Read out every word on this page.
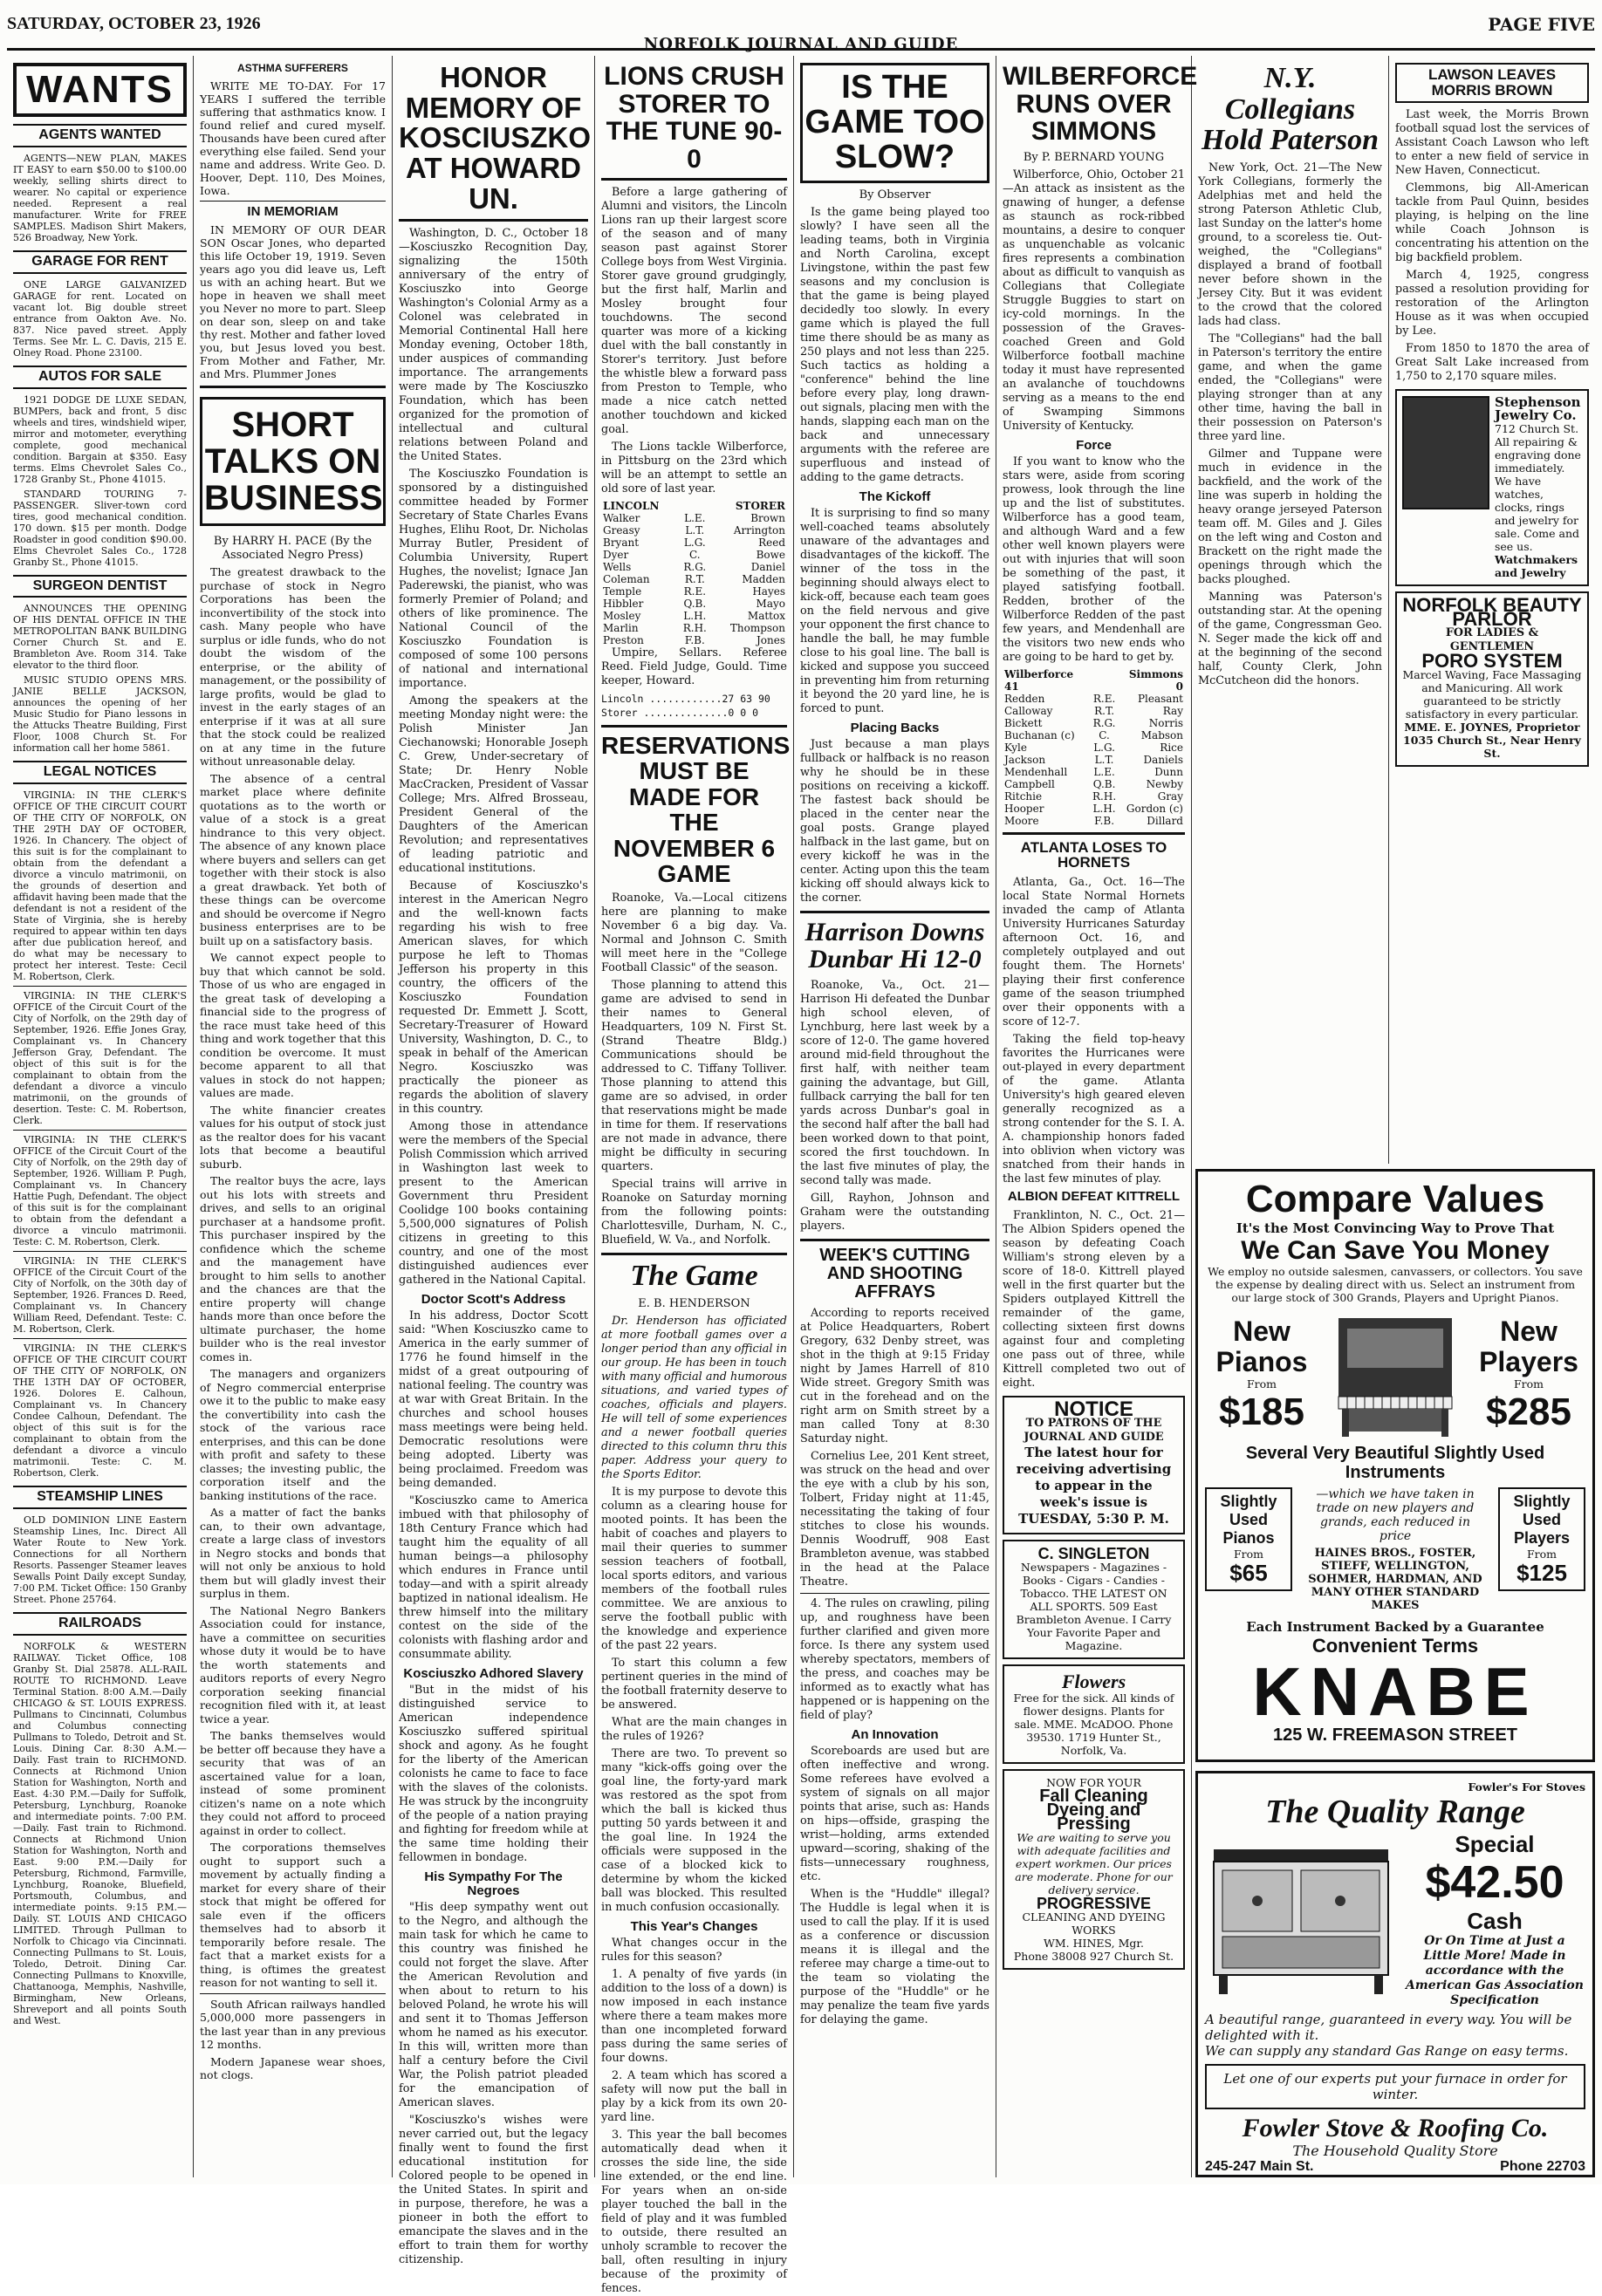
SATURDAY, OCTOBER 23, 1926
NORFOLK JOURNAL AND GUIDE
PAGE FIVE
WANTS
AGENTS WANTED

AGENTS—NEW PLAN, MAKES IT EASY to earn $50.00 to $100.00 weekly, selling shirts direct to wearer. No capital or experience needed. Represent a real manufacturer. Write for FREE SAMPLES. Madison Shirt Makers, 526 Broadway, New York.

GARAGE FOR RENT

ONE LARGE GALVANIZED GARAGE for rent. Located on vacant lot. Big double street entrance from Oakton Ave. No. 837. Nice paved street. Apply Terms. See Mr. L. C. Davis, 215 E. Olney Road. Phone 23100.

AUTOS FOR SALE

1921 DODGE DE LUXE SEDAN, BUMPers, back and front, 5 disc wheels and tires, windshield wiper, mirror and motometer, everything complete, good mechanical condition. Bargain at $350. Easy terms. Elms Chevrolet Sales Co., 1728 Granby St., Phone 41015.

STANDARD TOURING 7-PASSENGER. Sliver-town cord tires, good mechanical condition. 170 down. $15 per month. Dodge Roadster in good condition $90.00. Elms Chevrolet Sales Co., 1728 Granby St., Phone 41015.

SURGEON DENTIST

ANNOUNCES THE OPENING OF HIS DENTAL OFFICE IN THE METROPOLITAN BANK BUILDING Corner Church St. and E. Brambleton Ave. Room 314. Take elevator to the third floor.

MUSIC STUDIO OPENS MRS. JANIE BELLE JACKSON, announces the opening of her Music Studio for Piano lessons in the Attucks Theatre Building, First Floor, 1008 Church St. For information call her home 5861.

LEGAL NOTICES

VIRGINIA: IN THE CLERK'S OFFICE OF THE CIRCUIT COURT OF THE CITY OF NORFOLK, ON THE 29TH DAY OF OCTOBER, 1926. In Chancery. The object of this suit is for the complainant to obtain from the defendant a divorce a vinculo matrimonii, on the grounds of desertion and affidavit having been made that the defendant is not a resident of the State of Virginia, she is hereby required to appear within ten days after due publication hereof, and do what may be necessary to protect her interest. Teste: Cecil M. Robertson, Clerk.

VIRGINIA: IN THE CLERK'S OFFICE of the Circuit Court of the City of Norfolk, on the 29th day of September, 1926. Effie Jones Gray, Complainant vs. In Chancery Jefferson Gray, Defendant. The object of this suit is for the complainant to obtain from the defendant a divorce a vinculo matrimonii, on the grounds of desertion. Teste: C. M. Robertson, Clerk.

VIRGINIA: IN THE CLERK'S OFFICE of the Circuit Court of the City of Norfolk, on the 29th day of September, 1926. William P. Pugh, Complainant vs. In Chancery Hattie Pugh, Defendant. The object of this suit is for the complainant to obtain from the defendant a divorce a vinculo matrimonii. Teste: C. M. Robertson, Clerk.

VIRGINIA: IN THE CLERK'S OFFICE of the Circuit Court of the City of Norfolk, on the 30th day of September, 1926. Frances D. Reed, Complainant vs. In Chancery William Reed, Defendant. Teste: C. M. Robertson, Clerk.

VIRGINIA: IN THE CLERK'S OFFICE OF THE CIRCUIT COURT OF THE CITY OF NORFOLK, ON THE 13TH DAY OF OCTOBER, 1926. Dolores E. Calhoun, Complainant vs. In Chancery Condee Calhoun, Defendant. The object of this suit is for the complainant to obtain from the defendant a divorce a vinculo matrimonii. Teste: C. M. Robertson, Clerk.

STEAMSHIP LINES

OLD DOMINION LINE Eastern Steamship Lines, Inc. Direct All Water Route to New York. Connections for all Northern Resorts. Passenger Steamer leaves Sewalls Point Daily except Sunday, 7:00 P.M. Ticket Office: 150 Granby Street. Phone 25764.

RAILROADS

NORFOLK & WESTERN RAILWAY. Ticket Office, 108 Granby St. Dial 25878. ALL-RAIL ROUTE TO RICHMOND. Leave Terminal Station. 8:00 A.M.—Daily CHICAGO & ST. LOUIS EXPRESS. Pullmans to Cincinnati, Columbus and Columbus connecting Pullmans to Toledo, Detroit and St. Louis. Dining Car. 8:30 A.M.—Daily. Fast train to RICHMOND. Connects at Richmond Union Station for Washington, North and East. 4:30 P.M.—Daily for Suffolk, Petersburg, Lynchburg, Roanoke and intermediate points. 7:00 P.M.—Daily. Fast train to Richmond. Connects at Richmond Union Station for Washington, North and East. 9:00 P.M.—Daily for Petersburg, Richmond, Farmville, Lynchburg, Roanoke, Bluefield, Portsmouth, Columbus, and intermediate points. 9:15 P.M.—Daily. ST. LOUIS AND CHICAGO LIMITED. Through Pullman to Norfolk to Chicago via Cincinnati. Connecting Pullmans to St. Louis, Toledo, Detroit. Dining Car. Connecting Pullmans to Knoxville, Chattanooga, Memphis, Nashville, Birmingham, New Orleans, Shreveport and all points South and West.

ASTHMA SUFFERERS

WRITE ME TO-DAY. For 17 YEARS I suffered the terrible suffering that asthmatics know. I found relief and cured myself. Thousands have been cured after everything else failed. Send your name and address. Write Geo. D. Hoover, Dept. 110, Des Moines, Iowa.

IN MEMORIAM

IN MEMORY OF OUR DEAR SON Oscar Jones, who departed this life October 19, 1919. Seven years ago you did leave us, Left us with an aching heart. But we hope in heaven we shall meet you Never no more to part. Sleep on dear son, sleep on and take thy rest. Mother and father loved you, but Jesus loved you best. From Mother and Father, Mr. and Mrs. Plummer Jones

SHORT TALKS ON BUSINESS
By HARRY H. PACE (By the Associated Negro Press)

The greatest drawback to the purchase of stock in Negro Corporations has been the inconvertibility of the stock into cash. Many people who have surplus or idle funds, who do not doubt the wisdom of the enterprise, or the ability of management, or the possibility of large profits, would be glad to invest in the early stages of an enterprise if it was at all sure that the stock could be realized on at any time in the future without unreasonable delay.

The absence of a central market place where definite quotations as to the worth or value of a stock is a great hindrance to this very object. The absence of any known place where buyers and sellers can get together with their stock is also a great drawback. Yet both of these things can be overcome and should be overcome if Negro business enterprises are to be built up on a satisfactory basis.

We cannot expect people to buy that which cannot be sold. Those of us who are engaged in the great task of developing a financial side to the progress of the race must take heed of this thing and work together that this condition be overcome. It must become apparent to all that values in stock do not happen; values are made.

The white financier creates values for his output of stock just as the realtor does for his vacant lots that become a beautiful suburb.

The realtor buys the acre, lays out his lots with streets and drives, and sells to an original purchaser at a handsome profit. This purchaser inspired by the confidence which the scheme and the management have brought to him sells to another and the chances are that the entire property will change hands more than once before the ultimate purchaser, the home builder who is the real investor comes in.

The managers and organizers of Negro commercial enterprise owe it to the public to make easy the convertibility into cash the stock of the various race enterprises, and this can be done with profit and safety to these classes; the investing public, the corporation itself and the banking institutions of the race.

As a matter of fact the banks can, to their own advantage, create a large class of investors in Negro stocks and bonds that will not only be anxious to hold them but will gladly invest their surplus in them.

The National Negro Bankers Association could for instance, have a committee on securities whose duty it would be to have the worth statements and auditors reports of every Negro corporation seeking financial recognition filed with it, at least twice a year.

The banks themselves would be better off because they have a security that was of an ascertained value for a loan, instead of some prominent citizen's name on a note which they could not afford to proceed against in order to collect.

The corporations themselves ought to support such a movement by actually finding a market for every share of their stock that might be offered for sale even if the officers themselves had to absorb it temporarily before resale. The fact that a market exists for a thing, is oftimes the greatest reason for not wanting to sell it.

South African railways handled 5,000,000 more passengers in the last year than in any previous 12 months.

Modern Japanese wear shoes, not clogs.

HONOR MEMORY OF KOSCIUSZKO AT HOWARD UN.

Washington, D. C., October 18—Kosciuszko Recognition Day, signalizing the 150th anniversary of the entry of Kosciuszko into George Washington's Colonial Army as a Colonel was celebrated in Memorial Continental Hall here Monday evening, October 18th, under auspices of commanding importance. The arrangements were made by The Kosciuszko Foundation, which has been organized for the promotion of intellectual and cultural relations between Poland and the United States.

The Kosciuszko Foundation is sponsored by a distinguished committee headed by Former Secretary of State Charles Evans Hughes, Elihu Root, Dr. Nicholas Murray Butler, President of Columbia University, Rupert Hughes, the novelist; Ignace Jan Paderewski, the pianist, who was formerly Premier of Poland; and others of like prominence. The National Council of the Kosciuszko Foundation is composed of some 100 persons of national and international importance.

Among the speakers at the meeting Monday night were: the Polish Minister Jan Ciechanowski; Honorable Joseph C. Grew, Under-secretary of State; Dr. Henry Noble MacCracken, President of Vassar College; Mrs. Alfred Brosseau, President General of the Daughters of the American Revolution; and representatives of leading patriotic and educational institutions.

Because of Kosciuszko's interest in the American Negro and the well-known facts regarding his wish to free American slaves, for which purpose he left to Thomas Jefferson his property in this country, the officers of the Kosciuszko Foundation requested Dr. Emmett J. Scott, Secretary-Treasurer of Howard University, Washington, D. C., to speak in behalf of the American Negro. Kosciuszko was practically the pioneer as regards the abolition of slavery in this country.

Among those in attendance were the members of the Special Polish Commission which arrived in Washington last week to present to the American Government thru President Coolidge 100 books containing 5,500,000 signatures of Polish citizens in greeting to this country, and one of the most distinguished audiences ever gathered in the National Capital.

Doctor Scott's Address

In his address, Doctor Scott said: "When Kosciuszko came to America in the early summer of 1776 he found himself in the midst of a great outpouring of national feeling. The country was at war with Great Britain. In the churches and school houses mass meetings were being held. Democratic resolutions were being adopted. Liberty was being proclaimed. Freedom was being demanded.

"Kosciuszko came to America imbued with that philosophy of 18th Century France which had taught him the equality of all human beings—a philosophy which endures in France until today—and with a spirit already baptized in national idealism. He threw himself into the military contest on the side of the colonists with flashing ardor and consummate ability.

Kosciuszko Adhored Slavery

"But in the midst of his distinguished service to American independence Kosciuszko suffered spiritual shock and agony. As he fought for the liberty of the American colonists he came to face to face with the slaves of the colonists. He was struck by the incongruity of the people of a nation praying and fighting for freedom while at the same time holding their fellowmen in bondage.

His Sympathy For The Negroes

"His deep sympathy went out to the Negro, and although the main task for which he came to this country was finished he could not forget the slave. After the American Revolution and when about to return to his beloved Poland, he wrote his will and sent it to Thomas Jefferson whom he named as his executor. In this will, written more than half a century before the Civil War, the Polish patriot pleaded for the emancipation of American slaves.

"Kosciuszko's wishes were never carried out, but the legacy finally went to found the first educational institution for Colored people to be opened in the United States. In spirit and in purpose, therefore, he was a pioneer in both the effort to emancipate the slaves and in the effort to train them for worthy citizenship.

LIONS CRUSH STORER TO THE TUNE 90-0

Before a large gathering of Alumni and visitors, the Lincoln Lions ran up their largest score of the season and of many season past against Storer College boys from West Virginia. Storer gave ground grudgingly, but the first half, Marlin and Mosley brought four touchdowns. The second quarter was more of a kicking duel with the ball constantly in Storer's territory. Just before the whistle blew a forward pass from Preston to Temple, who made a nice catch netted another touchdown and kicked goal.

The Lions tackle Wilberforce, in Pittsburg on the 23rd which will be an attempt to settle an old sore of last year.

LINCOLN		STORER
Walker	L.E.	Brown
Greasy	L.T.	Arrington
Bryant	L.G.	Reed
Dyer	C.	Bowe
Wells	R.G.	Daniel
Coleman	R.T.	Madden
Temple	R.E.	Hayes
Hibbler	Q.B.	Mayo
Mosley	L.H.	Mattox
Marlin	R.H.	Thompson
Preston	F.B.	Jones

Umpire, Sellars. Referee Reed. Field Judge, Gould. Time keeper, Howard.

Lincoln ............27 63 90
Storer ..............0 0 0
RESERVATIONS MUST BE MADE FOR THE NOVEMBER 6 GAME

Roanoke, Va.—Local citizens here are planning to make November 6 a big day. Va. Normal and Johnson C. Smith will meet here in the "College Football Classic" of the season.

Those planning to attend this game are advised to send in their names to General Headquarters, 109 N. First St. (Strand Theatre Bldg.) Communications should be addressed to C. Tiffany Tolliver. Those planning to attend this game are so advised, in order that reservations might be made in time for them. If reservations are not made in advance, there might be difficulty in securing quarters.

Special trains will arrive in Roanoke on Saturday morning from the following points: Charlottesville, Durham, N. C., Bluefield, W. Va., and Norfolk.

The Game
E. B. HENDERSON

Dr. Henderson has officiated at more football games over a longer period than any official in our group. He has been in touch with many official and humorous situations, and varied types of coaches, officials and players. He will tell of some experiences and a newer football queries directed to this column thru this paper. Address your query to the Sports Editor.

It is my purpose to devote this column as a clearing house for mooted points. It has been the habit of coaches and players to mail their queries to summer session teachers of football, local sports editors, and various members of the football rules committee. We are anxious to serve the football public with the knowledge and experience of the past 22 years.

To start this column a few pertinent queries in the mind of the football fraternity deserve to be answered.

What are the main changes in the rules of 1926?

There are two. To prevent so many "kick-offs going over the goal line, the forty-yard mark was restored as the spot from which the ball is kicked thus putting 50 yards between it and the goal line. In 1924 the officials were supposed in the case of a blocked kick to determine by whom the kicked ball was blocked. This resulted in much confusion occasionally.

This Year's Changes

What changes occur in the rules for this season?

1. A penalty of five yards (in addition to the loss of a down) is now imposed in each instance where there a team makes more than one incompleted forward pass during the same series of four downs.

2. A team which has scored a safety will now put the ball in play by a kick from its own 20-yard line.

3. This year the ball becomes automatically dead when it crosses the side line, the side line extended, or the end line. For years when an on-side player touched the ball in the field of play and it was fumbled to outside, there resulted an unholy scramble to recover the ball, often resulting in injury because of the proximity of fences.

IS THE GAME TOO SLOW?
By Observer

Is the game being played too slowly? I have seen all the leading teams, both in Virginia and North Carolina, except Livingstone, within the past few seasons and my conclusion is that the game is being played decidedly too slowly. In every game which is played the full time there should be as many as 250 plays and not less than 225. Such tactics as holding a "conference" behind the line before every play, long drawn-out signals, placing men with the hands, slapping each man on the back and unnecessary arguments with the referee are superfluous and instead of adding to the game detracts.

The Kickoff

It is surprising to find so many well-coached teams absolutely unaware of the advantages and disadvantages of the kickoff. The winner of the toss in the beginning should always elect to kick-off, because each team goes on the field nervous and give your opponent the first chance to handle the ball, he may fumble close to his goal line. The ball is kicked and suppose you succeed in preventing him from returning it beyond the 20 yard line, he is forced to punt.

Placing Backs

Just because a man plays fullback or halfback is no reason why he should be in these positions on receiving a kickoff. The fastest back should be placed in the center near the goal posts. Grange played halfback in the last game, but on every kickoff he was in the center. Acting upon this the team kicking off should always kick to the corner.

Harrison Downs Dunbar Hi 12-0

Roanoke, Va., Oct. 21—Harrison Hi defeated the Dunbar high school eleven, of Lynchburg, here last week by a score of 12-0. The game hovered around mid-field throughout the first half, with neither team gaining the advantage, but Gill, fullback carrying the ball for ten yards across Dunbar's goal in the second half after the ball had been worked down to that point, scored the first touchdown. In the last five minutes of play, the second tally was made.

Gill, Rayhon, Johnson and Graham were the outstanding players.

WEEK'S CUTTING AND SHOOTING AFFRAYS

According to reports received at Police Headquarters, Robert Gregory, 632 Denby street, was shot in the thigh at 9:15 Friday night by James Harrell of 810 Wide street. Gregory Smith was cut in the forehead and on the right arm on Smith street by a man called Tony at 8:30 Saturday night.

Cornelius Lee, 201 Kent street, was struck on the head and over the eye with a club by his son, Tolbert, Friday night at 11:45, necessitating the taking of four stitches to close his wounds. Dennis Woodruff, 908 East Brambleton avenue, was stabbed in the head at the Palace Theatre.

4. The rules on crawling, piling up, and roughness have been further clarified and given more force. Is there any system used whereby spectators, members of the press, and coaches may be informed as to exactly what has happened or is happening on the field of play?

An Innovation

Scoreboards are used but are often ineffective and wrong. Some referees have evolved a system of signals on all major points that arise, such as: Hands on hips—offside, grasping the wrist—holding, arms extended upward—scoring, shaking of the fists—unnecessary roughness, etc.

When is the "Huddle" illegal? The Huddle is legal when it is used to call the play. If it is used as a conference or discussion means it is illegal and the referee may charge a time-out to the team so violating the purpose of the "Huddle" or he may penalize the team five yards for delaying the game.

WILBERFORCE RUNS OVER SIMMONS
By P. BERNARD YOUNG

Wilberforce, Ohio, October 21—An attack as insistent as the gnawing of hunger, a defense as staunch as rock-ribbed mountains, a desire to conquer as unquenchable as volcanic fires represents a combination about as difficult to vanquish as Collegians that Collegiate Struggle Buggies to start on icy-cold mornings. In the possession of the Graves-coached Green and Gold Wilberforce football machine today it must have represented an avalanche of touchdowns serving as a means to the end of Swamping Simmons University of Kentucky.

Force

If you want to know who the stars were, aside from scoring prowess, look through the line up and the list of substitutes. Wilberforce has a good team, and although Ward and a few other well known players were out with injuries that will soon be something of the past, it played satisfying football. Redden, brother of the Wilberforce Redden of the past few years, and Mendenhall are the visitors two new ends who are going to be hard to get by.

Wilberforce 41		Simmons 0
Redden	R.E.	Pleasant
Calloway	R.T.	Ray
Bickett	R.G.	Norris
Buchanan (c)	C.	Mabson
Kyle	L.G.	Rice
Jackson	L.T.	Daniels
Mendenhall	L.E.	Dunn
Campbell	Q.B.	Newby
Ritchie	R.H.	Gray
Hooper	L.H.	Gordon (c)
Moore	F.B.	Dillard
ATLANTA LOSES TO HORNETS

Atlanta, Ga., Oct. 16—The local State Normal Hornets invaded the camp of Atlanta University Hurricanes Saturday afternoon Oct. 16, and completely outplayed and out fought them. The Hornets' playing their first conference game of the season triumphed over their opponents with a score of 12-7.

Taking the field top-heavy favorites the Hurricanes were out-played in every department of the game. Atlanta University's high geared eleven generally recognized as a strong contender for the S. I. A. A. championship honors faded into oblivion when victory was snatched from their hands in the last few minutes of play.

ALBION DEFEAT KITTRELL

Franklinton, N. C., Oct. 21—The Albion Spiders opened the season by defeating Coach William's strong eleven by a score of 18-0. Kittrell played well in the first quarter but the Spiders outplayed Kittrell the remainder of the game, collecting sixteen first downs against four and completing one pass out of three, while Kittrell completed two out of eight.

NOTICE
TO PATRONS OF THE JOURNAL AND GUIDE
The latest hour for receiving advertising to appear in the week's issue is TUESDAY, 5:30 P. M.
C. SINGLETON
Newspapers - Magazines - Books - Cigars - Candies - Tobacco. THE LATEST ON ALL SPORTS. 509 East Brambleton Avenue. I Carry Your Favorite Paper and Magazine.
Flowers
Free for the sick. All kinds of flower designs. Plants for sale. MME. McADOO. Phone 39530. 1719 Hunter St., Norfolk, Va.
NOW FOR YOUR
Fall Cleaning Dyeing and Pressing
We are waiting to serve you with adequate facilities and expert workmen. Our prices are moderate. Phone for our delivery service.
PROGRESSIVE
CLEANING AND DYEING WORKS
WM. HINES, Mgr.
Phone 38008 927 Church St.
N.Y. Collegians Hold Paterson

New York, Oct. 21—The New York Collegians, formerly the Adelphias met and held the strong Paterson Athletic Club, last Sunday on the latter's home ground, to a scoreless tie. Out-weighed, the "Collegians" displayed a brand of football never before shown in the Jersey City. But it was evident to the crowd that the colored lads had class.

The "Collegians" had the ball in Paterson's territory the entire game, and when the game ended, the "Collegians" were playing stronger than at any other time, having the ball in their possession on Paterson's three yard line.

Gilmer and Tuppane were much in evidence in the backfield, and the work of the line was superb in holding the heavy orange jerseyed Paterson team off. M. Giles and J. Giles on the left wing and Coston and Brackett on the right made the openings through which the backs ploughed.

Manning was Paterson's outstanding star. At the opening of the game, Congressman Geo. N. Seger made the kick off and at the beginning of the second half, County Clerk, John McCutcheon did the honors.

LAWSON LEAVES MORRIS BROWN

Last week, the Morris Brown football squad lost the services of Assistant Coach Lawson who left to enter a new field of service in New Haven, Connecticut.

Clemmons, big All-American tackle from Paul Quinn, besides playing, is helping on the line while Coach Johnson is concentrating his attention on the big backfield problem.

March 4, 1925, congress passed a resolution providing for restoration of the Arlington House as it was when occupied by Lee.

From 1850 to 1870 the area of Great Salt Lake increased from 1,750 to 2,170 square miles.

Stephenson Jewelry Co.
712 Church St.
All repairing & engraving done immediately. We have watches, clocks, rings and jewelry for sale. Come and see us.
Watchmakers and Jewelry
NORFOLK BEAUTY PARLOR
FOR LADIES & GENTLEMEN
PORO SYSTEM
Marcel Waving, Face Massaging and Manicuring. All work guaranteed to be strictly satisfactory in every particular.
MME. E. JOYNES, Proprietor
1035 Church St., Near Henry St.
Compare Values
It's the Most Convincing Way to Prove That
We Can Save You Money
We employ no outside salesmen, canvassers, or collectors. You save the expense by dealing direct with us. Select an instrument from our large stock of 300 Grands, Players and Upright Pianos.
New Pianos
From
$185
New Players
From
$285
Several Very Beautiful Slightly Used Instruments
Slightly Used Pianos
From
$65
—which we have taken in trade on new players and grands, each reduced in price
HAINES BROS., FOSTER, STIEFF, WELLINGTON, SOHMER, HARDMAN, AND MANY OTHER STANDARD MAKES
Slightly Used Players
From
$125
Each Instrument Backed by a Guarantee
Convenient Terms
KNABE
125 W. FREEMASON STREET
Fowler's For Stoves
The Quality Range
Special
$42.50
Cash
Or On Time at Just a Little More! Made in accordance with the American Gas Association Specification
A beautiful range, guaranteed in every way. You will be delighted with it.
We can supply any standard Gas Range on easy terms.
Let one of our experts put your furnace in order for winter.
Fowler Stove & Roofing Co.
The Household Quality Store
245-247 Main St.	Phone 22703
